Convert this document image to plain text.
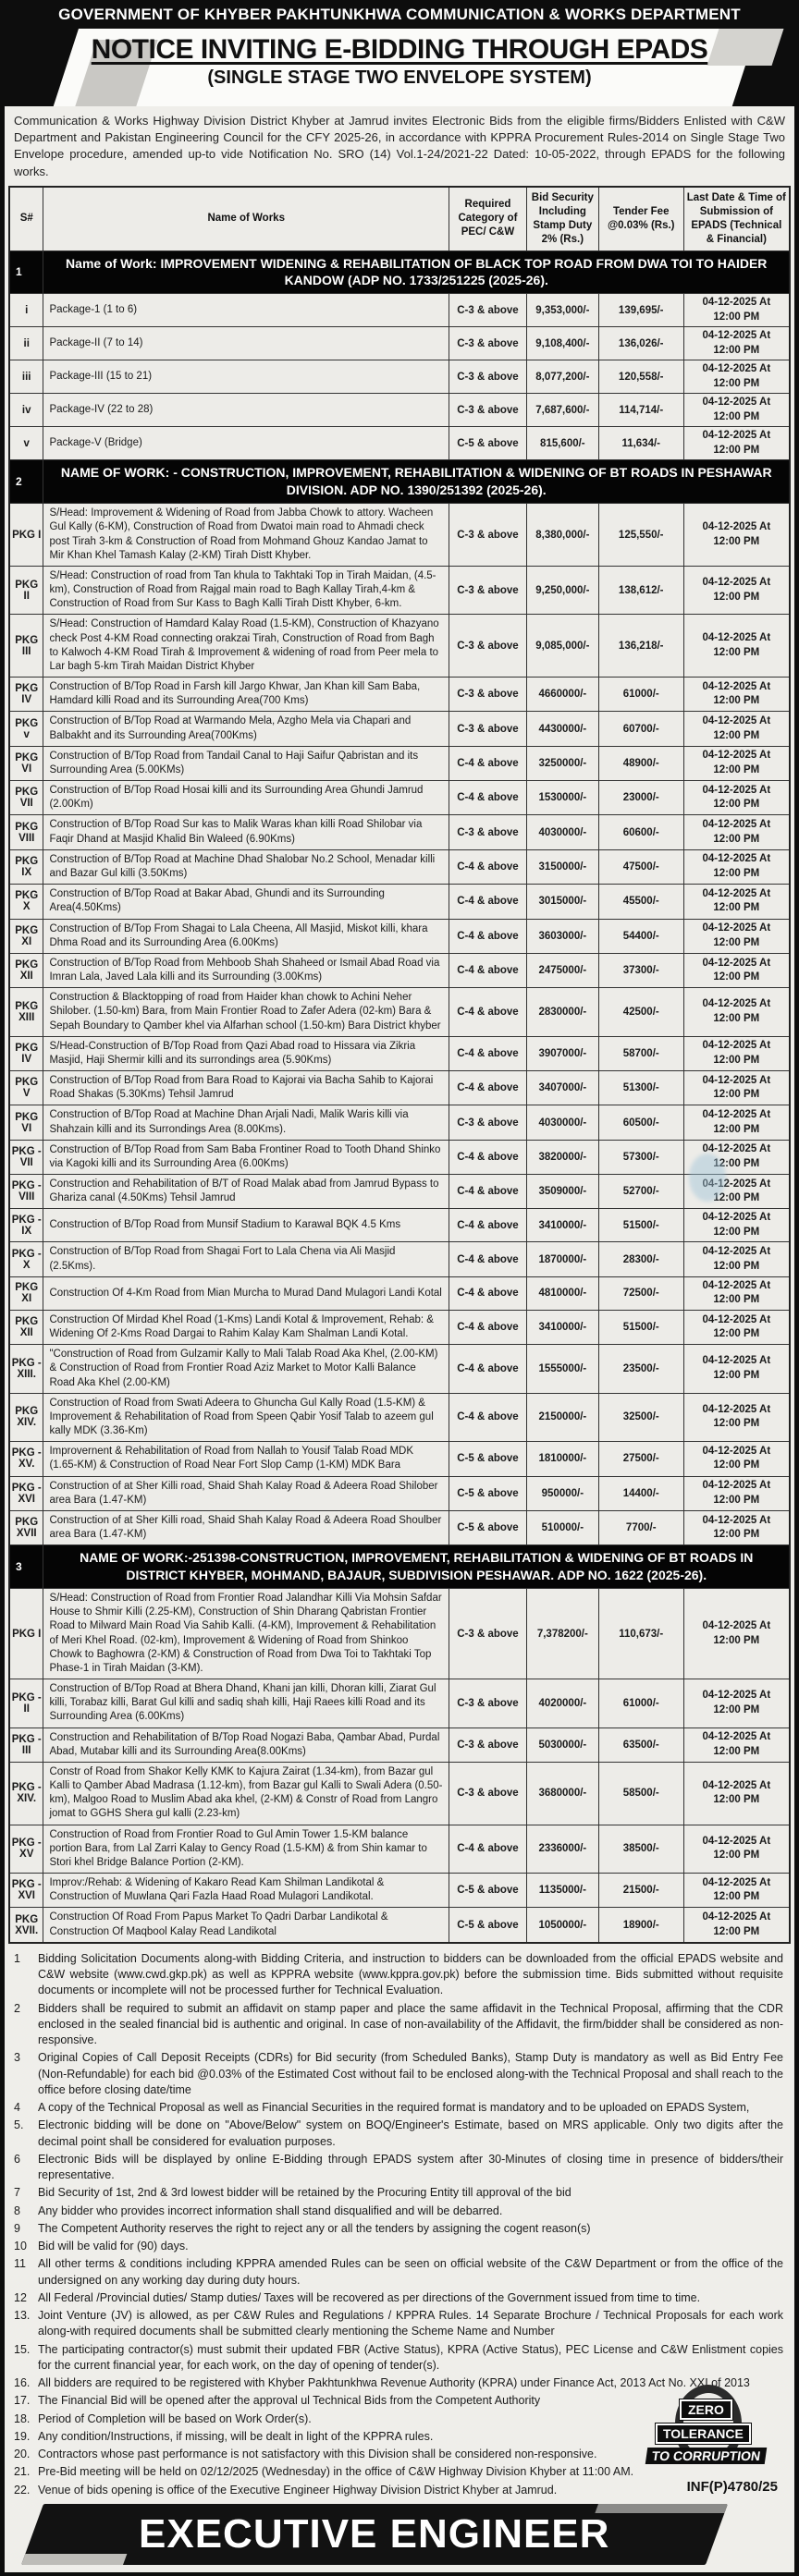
GOVERNMENT OF KHYBER PAKHTUNKHWA COMMUNICATION & WORKS DEPARTMENT
NOTICE INVITING E-BIDDING THROUGH EPADS
(SINGLE STAGE TWO ENVELOPE SYSTEM)
Communication & Works Highway Division District Khyber at Jamrud invites Electronic Bids from the eligible firms/Bidders Enlisted with C&W Department and Pakistan Engineering Council for the CFY 2025-26, in accordance with KPPRA Procurement Rules-2014 on Single Stage Two Envelope procedure, amended up-to vide Notification No. SRO (14) Vol.1-24/2021-22 Dated: 10-05-2022, through EPADS for the following works.
S#	Name of Works	Required Category of PEC/ C&W	Bid Security Including Stamp Duty 2% (Rs.)	Tender Fee @0.03% (Rs.)	Last Date & Time of Submission of EPADS (Technical & Financial)
1	Name of Work: IMPROVEMENT WIDENING & REHABILITATION OF BLACK TOP ROAD FROM DWA TOI TO HAIDER KANDOW (ADP NO. 1733/251225 (2025-26).				
i	Package-1 (1 to 6)	C-3 & above	9,353,000/-	139,695/-	04-12-2025 At 12:00 PM
ii	Package-II (7 to 14)	C-3 & above	9,108,400/-	136,026/-	04-12-2025 At 12:00 PM
iii	Package-III (15 to 21)	C-3 & above	8,077,200/-	120,558/-	04-12-2025 At 12:00 PM
iv	Package-IV (22 to 28)	C-3 & above	7,687,600/-	114,714/-	04-12-2025 At 12:00 PM
v	Package-V (Bridge)	C-5 & above	815,600/-	11,634/-	04-12-2025 At 12:00 PM
2	NAME OF WORK: - CONSTRUCTION, IMPROVEMENT, REHABILITATION & WIDENING OF BT ROADS IN PESHAWAR DIVISION. ADP NO. 1390/251392 (2025-26).				
PKG I	S/Head: Improvement & Widening of Road from Jabba Chowk to attory. Wacheen Gul Kally (6-KM), Construction of Road from Dwatoi main road to Ahmadi check post Tirah 3-km & Construction of Road from Mohmand Ghouz Kandao Jamat to Mir Khan Khel Tamash Kalay (2-KM) Tirah Distt Khyber.	C-3 & above	8,380,000/-	125,550/-	04-12-2025 At 12:00 PM
PKG II	S/Head: Construction of road from Tan khula to Takhtaki Top in Tirah Maidan, (4.5-km), Construction of Road from Rajgal main road to Bagh Kallay Tirah,4-km & Construction of Road from Sur Kass to Bagh Kalli Tirah Distt Khyber, 6-km.	C-3 & above	9,250,000/-	138,612/-	04-12-2025 At 12:00 PM
PKG III	S/Head: Construction of Hamdard Kalay Road (1.5-KM), Construction of Khazyano check Post 4-KM Road connecting orakzai Tirah, Construction of Road from Bagh to Kalwoch 4-KM Road Tirah & Improvement & widening of road from Peer mela to Lar bagh 5-km Tirah Maidan District Khyber	C-3 & above	9,085,000/-	136,218/-	04-12-2025 At 12:00 PM
PKG IV	Construction of B/Top Road in Farsh kill Jargo Khwar, Jan Khan kill Sam Baba, Hamdard killi Road and its Surrounding Area(700 Kms)	C-3 & above	4660000/-	61000/-	04-12-2025 At 12:00 PM
PKG v	Construction of B/Top Road at Warmando Mela, Azgho Mela via Chapari and Balbakht and its Surrounding Area(700Kms)	C-3 & above	4430000/-	60700/-	04-12-2025 At 12:00 PM
PKG VI	Construction of B/Top Road from Tandail Canal to Haji Saifur Qabristan and its Surrounding Area (5.00KMs)	C-4 & above	3250000/-	48900/-	04-12-2025 At 12:00 PM
PKG VII	Construction of B/Top Road Hosai killi and its Surrounding Area Ghundi Jamrud (2.00Km)	C-4 & above	1530000/-	23000/-	04-12-2025 At 12:00 PM
PKG VIII	Construction of B/Top Road Sur kas to Malik Waras khan killi Road Shilobar via Faqir Dhand at Masjid Khalid Bin Waleed (6.90Kms)	C-3 & above	4030000/-	60600/-	04-12-2025 At 12:00 PM
PKG IX	Construction of B/Top Road at Machine Dhad Shalobar No.2 School, Menadar killi and Bazar Gul killi (3.50Kms)	C-4 & above	3150000/-	47500/-	04-12-2025 At 12:00 PM
PKG X	Construction of B/Top Road at Bakar Abad, Ghundi and its Surrounding Area(4.50Kms)	C-4 & above	3015000/-	45500/-	04-12-2025 At 12:00 PM
PKG XI	Construction of B/Top From Shagai to Lala Cheena, All Masjid, Miskot killi, khara Dhma Road and its Surrounding Area (6.00Kms)	C-4 & above	3603000/-	54400/-	04-12-2025 At 12:00 PM
PKG XII	Construction of B/Top Road from Mehboob Shah Shaheed or Ismail Abad Road via Imran Lala, Javed Lala killi and its Surrounding (3.00Kms)	C-4 & above	2475000/-	37300/-	04-12-2025 At 12:00 PM
PKG XIII	Construction & Blacktopping of road from Haider khan chowk to Achini Neher Shilober. (1.50-km) Bara, from Main Frontier Road to Zafer Adera (02-km) Bara & Sepah Boundary to Qamber khel via Alfarhan school (1.50-km) Bara District khyber	C-4 & above	2830000/-	42500/-	04-12-2025 At 12:00 PM
PKG IV	S/Head-Construction of B/Top Road from Qazi Abad road to Hissara via Zikria Masjid, Haji Shermir killi and its surrondings area (5.90Kms)	C-4 & above	3907000/-	58700/-	04-12-2025 At 12:00 PM
PKG V	Construction of B/Top Road from Bara Road to Kajorai via Bacha Sahib to Kajorai Road Shakas (5.30Kms) Tehsil Jamrud	C-4 & above	3407000/-	51300/-	04-12-2025 At 12:00 PM
PKG VI	Construction of B/Top Road at Machine Dhan Arjali Nadi, Malik Waris killi via Shahzain killi and its Surrondings Area (8.00Kms).	C-3 & above	4030000/-	60500/-	04-12-2025 At 12:00 PM
PKG -VII	Construction of B/Top Road from Sam Baba Frontiner Road to Tooth Dhand Shinko via Kagoki killi and its Surrounding Area (6.00Kms)	C-4 & above	3820000/-	57300/-	04-12-2025 At 12:00 PM
PKG - VIII	Construction and Rehabilitation of B/T of Road Malak abad from Jamrud Bypass to Ghariza canal (4.50Kms) Tehsil Jamrud	C-4 & above	3509000/-	52700/-	04-12-2025 At 12:00 PM
PKG -IX	Construction of B/Top Road from Munsif Stadium to Karawal BQK 4.5 Kms	C-4 & above	3410000/-	51500/-	04-12-2025 At 12:00 PM
PKG -X	Construction of B/Top Road from Shagai Fort to Lala Chena via Ali Masjid (2.5Kms).	C-4 & above	1870000/-	28300/-	04-12-2025 At 12:00 PM
PKG XI	Construction Of 4-Km Road from Mian Murcha to Murad Dand Mulagori Landi Kotal	C-4 & above	4810000/-	72500/-	04-12-2025 At 12:00 PM
PKG XII	Construction Of Mirdad Khel Road (1-Kms) Landi Kotal & Improvement, Rehab: & Widening Of 2-Kms Road Dargai to Rahim Kalay Kam Shalman Landi Kotal.	C-4 & above	3410000/-	51500/-	04-12-2025 At 12:00 PM
PKG -XIII.	"Construction of Road from Gulzamir Kally to Mali Talab Road Aka Khel, (2.00-KM) & Construction of Road from Frontier Road Aziz Market to Motor Kalli Balance Road Aka Khel (2.00-KM)	C-4 & above	1555000/-	23500/-	04-12-2025 At 12:00 PM
PKG XIV.	Construction of Road from Swati Adeera to Ghuncha Gul Kally Road (1.5-KM) & Improvement & Rehabilitation of Road from Speen Qabir Yosif Talab to azeem gul kally MDK (3.36-Km)	C-4 & above	2150000/-	32500/-	04-12-2025 At 12:00 PM
PKG -XV.	Improvernent & Rehabilitation of Road from Nallah to Yousif Talab Road MDK (1.65-KM) & Construction of Road Near Fort Slop Camp (1-KM) MDK Bara	C-5 & above	1810000/-	27500/-	04-12-2025 At 12:00 PM
PKG -XVI	Construction of at Sher Killi road, Shaid Shah Kalay Road & Adeera Road Shilober area Bara (1.47-KM)	C-5 & above	950000/-	14400/-	04-12-2025 At 12:00 PM
PKG XVII	Construction of at Sher Killi road, Shaid Shah Kalay Road & Adeera Road Shoulber area Bara (1.47-KM)	C-5 & above	510000/-	7700/-	04-12-2025 At 12:00 PM
3	NAME OF WORK:-251398-CONSTRUCTION, IMPROVEMENT, REHABILITATION & WIDENING OF BT ROADS IN DISTRICT KHYBER, MOHMAND, BAJAUR, SUBDIVISION PESHAWAR. ADP NO. 1622 (2025-26).				
PKG I	S/Head: Construction of Road from Frontier Road Jalandhar Killi Via Mohsin Safdar House to Shmir Killi (2.25-KM), Construction of Shin Dharang Qabristan Frontier Road to Milward Main Road Via Sahib Kalli. (4-KM), Improvement & Rehabilitation of Meri Khel Road. (02-km), Improvement & Widening of Road from Shinkoo Chowk to Baghowra (2-KM) & Construction of Road from Dwa Toi to Takhtaki Top Phase-1 in Tirah Maidan (3-KM).	C-3 & above	7,378200/-	110,673/-	04-12-2025 At 12:00 PM
PKG -II	Construction of B/Top Road at Bhera Dhand, Khani jan killi, Dhoran killi, Ziarat Gul killi, Torabaz killi, Barat Gul killi and sadiq shah killi, Haji Raees killi Road and its Surrounding Area (6.00Kms)	C-3 & above	4020000/-	61000/-	04-12-2025 At 12:00 PM
PKG -III	Construction and Rehabilitation of B/Top Road Nogazi Baba, Qambar Abad, Purdal Abad, Mutabar killi and its Surrounding Area(8.00Kms)	C-3 & above	5030000/-	63500/-	04-12-2025 At 12:00 PM
PKG - XIV.	Constr of Road from Shakor Kelly KMK to Kajura Zairat (1.34-km), from Bazar gul Kalli to Qamber Abad Madrasa (1.12-km), from Bazar gul Kalli to Swali Adera (0.50-km), Malgoo Road to Muslim Abad aka khel, (2-KM) & Constr of Road from Langro jomat to GGHS Shera gul kalli (2.23-km)	C-3 & above	3680000/-	58500/-	04-12-2025 At 12:00 PM
PKG -XV	Construction of Road from Frontier Road to Gul Amin Tower 1.5-KM balance portion Bara, from Lal Zarri Kalay to Gency Road (1.5-KM) & from Shin kamar to Stori khel Bridge Balance Portion (2-KM).	C-4 & above	2336000/-	38500/-	04-12-2025 At 12:00 PM
PKG -XVI	Improv:/Rehab: & Widening of Kakaro Read Kam Shilman Landikotal & Construction of Muwlana Qari Fazla Haad Road Mulagori Landikotal.	C-5 & above	1135000/-	21500/-	04-12-2025 At 12:00 PM
PKG XVII.	Construction Of Road From Papus Market To Qadri Darbar Landikotal & Construction Of Maqbool Kalay Read Landikotal	C-5 & above	1050000/-	18900/-	04-12-2025 At 12:00 PM
1	Bidding Solicitation Documents along-with Bidding Criteria, and instruction to bidders can be downloaded from the official EPADS website and C&W website (www.cwd.gkp.pk) as well as KPPRA website (www.kppra.gov.pk) before the submission time. Bids submitted without requisite documents or incomplete will not be processed further for Technical Evaluation.
2	Bidders shall be required to submit an affidavit on stamp paper and place the same affidavit in the Technical Proposal, affirming that the CDR enclosed in the sealed financial bid is authentic and original. In case of non-availability of the Affidavit, the firm/bidder shall be considered as non-responsive.
3	Original Copies of Call Deposit Receipts (CDRs) for Bid security (from Scheduled Banks), Stamp Duty is mandatory as well as Bid Entry Fee (Non-Refundable) for each bid @0.03% of the Estimated Cost without fail to be enclosed along-with the Technical Proposal and shall reach to the office before closing date/time
4	A copy of the Technical Proposal as well as Financial Securities in the required format is mandatory and to be uploaded on EPADS System,
5.	Electronic bidding will be done on "Above/Below" system on BOQ/Engineer's Estimate, based on MRS applicable. Only two digits after the decimal point shall be considered for evaluation purposes.
6	Electronic Bids will be displayed by online E-Bidding through EPADS system after 30-Minutes of closing time in presence of bidders/their representative.
7	Bid Security of 1st, 2nd & 3rd lowest bidder will be retained by the Procuring Entity till approval of the bid
8	Any bidder who provides incorrect information shall stand disqualified and will be debarred.
9	The Competent Authority reserves the right to reject any or all the tenders by assigning the cogent reason(s)
10 Bid will be valid for (90) days.
11	All other terms & conditions including KPPRA amended Rules can be seen on official website of the C&W Department or from the office of the undersigned on any working day during duty hours.
12 All Federal /Provincial duties/ Stamp duties/ Taxes will be recovered as per directions of the Government issued from time to time.
13. Joint Venture (JV) is allowed, as per C&W Rules and Regulations / KPPRA Rules. 14 Separate Brochure / Technical Proposals for each work along-with required documents shall be submitted clearly mentioning the Scheme Name and Number
15. The participating contractor(s) must submit their updated FBR (Active Status), KPRA (Active Status), PEC License and C&W Enlistment copies for the current financial year, for each work, on the day of opening of tender(s).
16. All bidders are required to be registered with Khyber Pakhtunkhwa Revenue Authority (KPRA) under Finance Act, 2013 Act No. XXI of 2013
17. The Financial Bid will be opened after the approval ul Technical Bids from the Competent Authority
18. Period of Completion will be based on Work Order(s).
19. Any condition/Instructions, if missing, will be dealt in light of the KPPRA rules.
20. Contractors whose past performance is not satisfactory with this Division shall be considered non-responsive.
21. Pre-Bid meeting will be held on 02/12/2025 (Wednesday) in the office of C&W Highway Division Khyber at 11:00 AM.
22. Venue of bids opening is office of the Executive Engineer Highway Division District Khyber at Jamrud.
ZERO
TOLERANCE
TO CORRUPTION
INF(P)4780/25
EXECUTIVE ENGINEER
